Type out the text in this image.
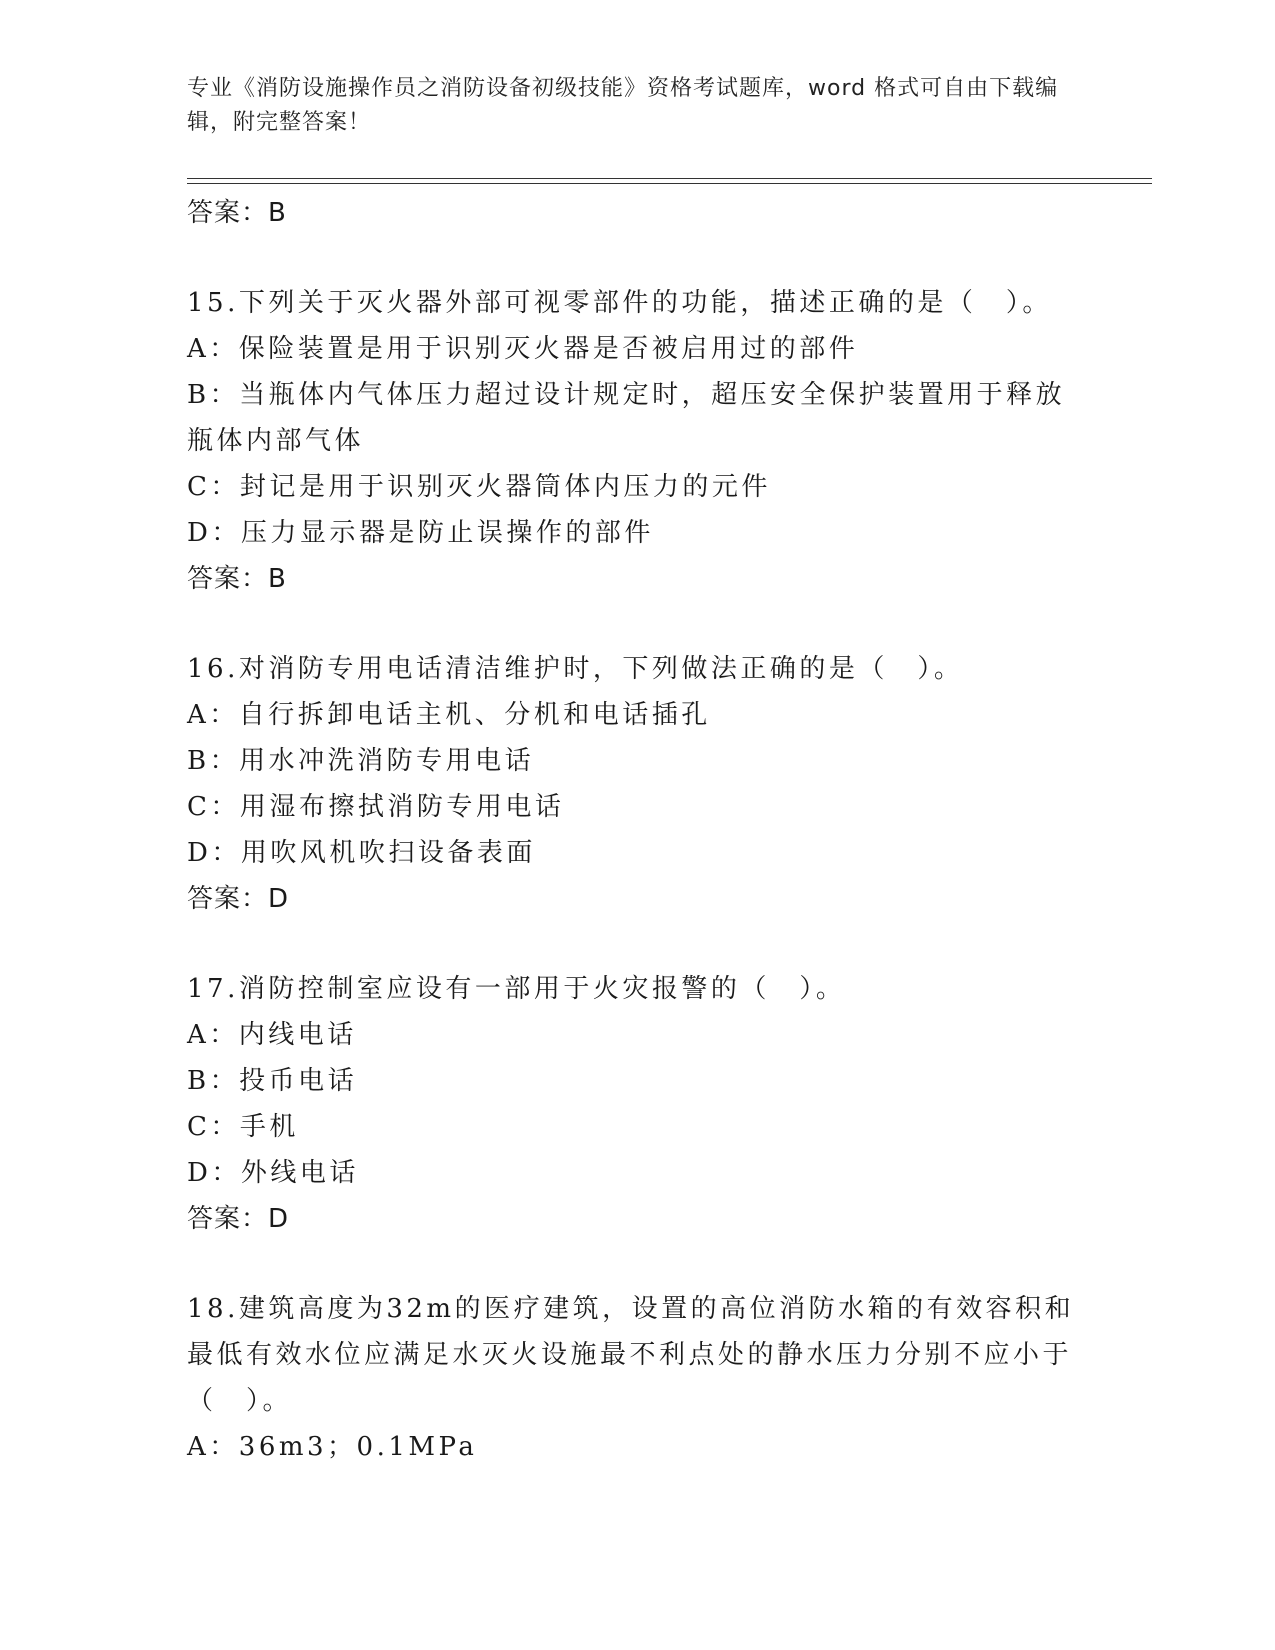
专业《消防设施操作员之消防设备初级技能》资格考试题库，word 格式可自由下载编辑，附完整答案！
答案：B
15.下列关于灭火器外部可视零部件的功能，描述正确的是（　）。
A：保险装置是用于识别灭火器是否被启用过的部件
B：当瓶体内气体压力超过设计规定时，超压安全保护装置用于释放瓶体内部气体
C：封记是用于识别灭火器筒体内压力的元件
D：压力显示器是防止误操作的部件
答案：B
16.对消防专用电话清洁维护时，下列做法正确的是（　）。
A：自行拆卸电话主机、分机和电话插孔
B：用水冲洗消防专用电话
C：用湿布擦拭消防专用电话
D：用吹风机吹扫设备表面
答案：D
17.消防控制室应设有一部用于火灾报警的（　）。
A：内线电话
B：投币电话
C：手机
D：外线电话
答案：D
18.建筑高度为32m的医疗建筑，设置的高位消防水箱的有效容积和最低有效水位应满足水灭火设施最不利点处的静水压力分别不应小于（　）。
A：36m3；0.1MPa
